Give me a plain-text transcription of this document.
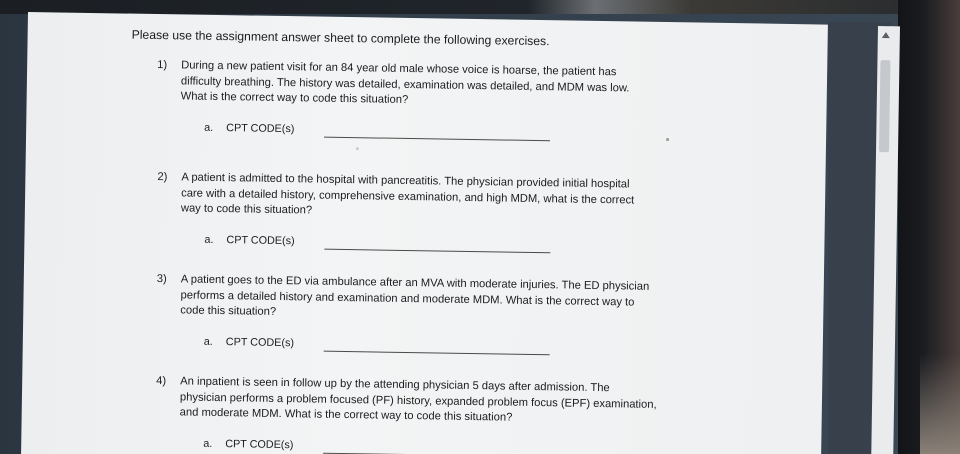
Please use the assignment answer sheet to complete the following exercises.
1) During a new patient visit for an 84 year old male whose voice is hoarse, the patient has
difficulty breathing. The history was detailed, examination was detailed, and MDM was low.
What is the correct way to code this situation?
a. CPT CODE(s)
2) A patient is admitted to the hospital with pancreatitis. The physician provided initial hospital
care with a detailed history, comprehensive examination, and high MDM, what is the correct
way to code this situation?
a. CPT CODE(s)
3) A patient goes to the ED via ambulance after an MVA with moderate injuries. The ED physician
performs a detailed history and examination and moderate MDM. What is the correct way to
code this situation?
a. CPT CODE(s)
4) An inpatient is seen in follow up by the attending physician 5 days after admission. The
physician performs a problem focused (PF) history, expanded problem focus (EPF) examination,
and moderate MDM. What is the correct way to code this situation?
a. CPT CODE(s)
